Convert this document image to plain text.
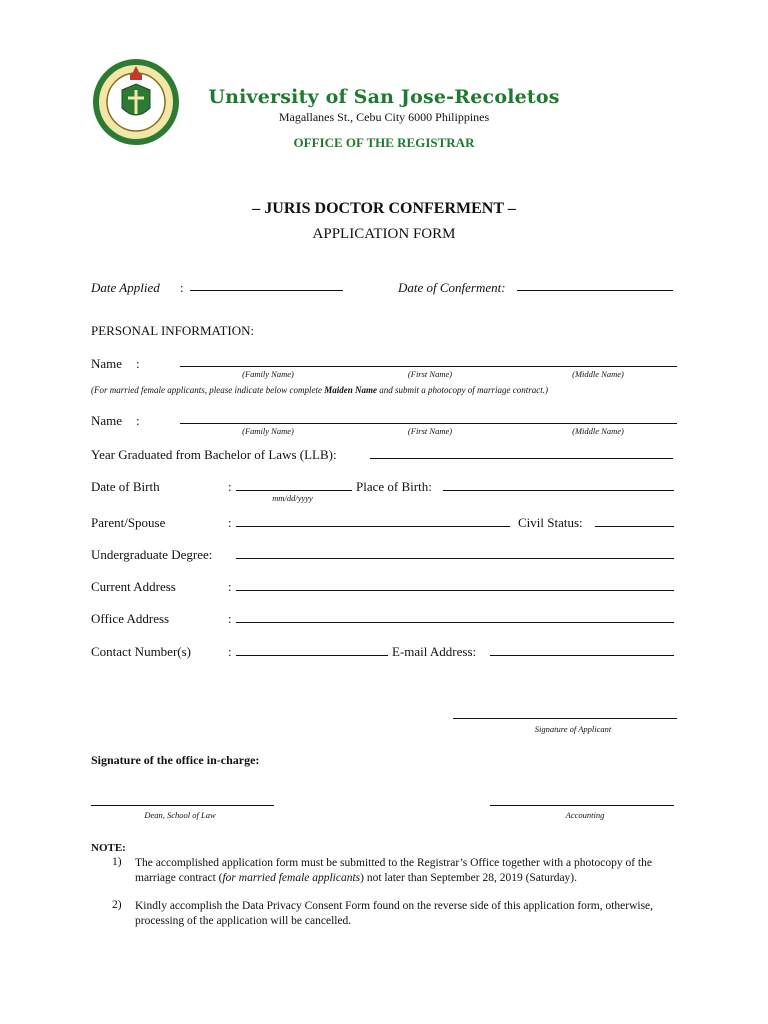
University of San Jose-Recoletos
Magallanes St., Cebu City 6000 Philippines
OFFICE OF THE REGISTRAR
– JURIS DOCTOR CONFERMENT –
APPLICATION FORM
Date Applied :	Date of Conferment:
PERSONAL INFORMATION:
Name :
(Family Name)	(First Name)	(Middle Name)
(For married female applicants, please indicate below complete Maiden Name and submit a photocopy of marriage contract.)
Name :
(Family Name)	(First Name)	(Middle Name)
Year Graduated from Bachelor of Laws (LLB):
Date of Birth	:
mm/dd/yyyy
Place of Birth:
Parent/Spouse	:	Civil Status:
Undergraduate Degree:
Current Address	:
Office Address	:
Contact Number(s)	:	E-mail Address:
Signature of Applicant
Signature of the office in-charge:
Dean, School of Law	Accounting
NOTE:
1) The accomplished application form must be submitted to the Registrar’s Office together with a photocopy of the marriage contract (for married female applicants) not later than September 28, 2019 (Saturday).
2) Kindly accomplish the Data Privacy Consent Form found on the reverse side of this application form, otherwise, processing of the application will be cancelled.
